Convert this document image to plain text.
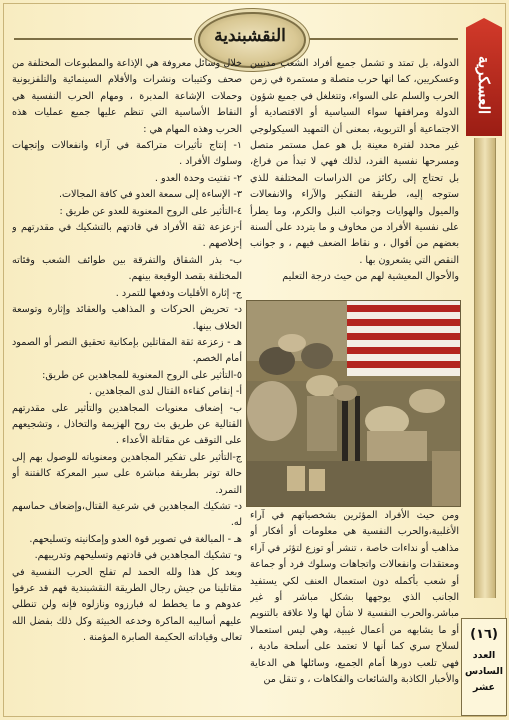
النقشبندية
العسكرية
(١٦)
العدد السادس عشر

الدولة، بل تمتد و تشمل جميع أفراد الشعب مدنيين وعسكريين، كما انها حرب متصلة و مستمرة في زمن الحرب والسلم على السواء، وتتغلغل في جميع شؤون الدولة ومرافقها سواء السياسية أو الاقتصادية أو الاجتماعية أو التربوية، بمعنى أن التمهيد السيكولوجي غير محدد لفترة معينة بل هو عمل مستمر متصل ومسرحها نفسية الفرد، لذلك فهي لا تبدأ من فراغ، بل تحتاج إلى ركائز من الدراسات المختلفة للذي ستوجه إليه، طريقة التفكير والآراء والانفعالات والميول والهوايات وجوانب النبل والكرم، وما يطرأ على نفسية الأفراد من مخاوف و ما يتردد على ألسنة بعضهم من أقوال ، و نقاط الضعف فيهم ، و جوانب النقص التي يشعرون بها .

والأحوال المعيشية لهم من حيث درجة التعليم

ومن حيث الأفراد المؤثرين بشخصياتهم في آراء الأغلبية،والحرب النفسية هي معلومات أو أفكار أو مذاهب أو نداءات خاصة ، تنشر أو توزع لتؤثر في آراء ومعتقدات وانفعالات واتجاهات وسلوك فرد أو جماعة أو شعب بأكمله دون استعمال العنف لكي يستفيد الجانب الذي يوجهها بشكل مباشر أو غير مباشر.والحرب النفسية لا شأن لها ولا علاقة بالتنويم أو ما يشابهه من أعمال غيبية، وهي ليس استعمالا لسلاح سري كما أنها لا تعتمد على أسلحة مادية ، فهي تلعب دورها أمام الجميع، وسائلها هي الدعاية والأخبار الكاذبة والشائعات والفكاهات ، و تنقل من

خلال وسائل معروفة هي الإذاعة والمطبوعات المختلفة من صحف وكتيبات ونشرات والأفلام السينمائية والتلفزيونية وحملات الإشاعة المدبرة ، ومهام الحرب النفسية هي النقاط الأساسية التي تنظم عليها جميع عمليات هذه الحرب وهذه المهام هي :

١- إنتاج تأثيرات متراكمة في آراء وانفعالات وإتجهات وسلوك الأفراد .

٢- تفتيت وحدة العدو .

٣- الإساءة إلى سمعة العدو في كافة المجالات.

٤-التأثير على الروح المعنوية للعدو عن طريق :

أ-زعزعة ثقة الأفراد في قادتهم بالتشكيك في مقدرتهم و إخلاصهم .

ب- بذر الشقاق والتفرقة بين طوائف الشعب وفئاته المختلفة بقصد الوقيعة بينهم.

ج- إثارة الأقليات ودفعها للتمرد .

د- تحريض الحركات و المذاهب والعقائد وإثارة وتوسعة الخلاف بينها.

هـ - زعزعة ثقة المقاتلين بإمكانية تحقيق النصر أو الصمود أمام الخصم.

٥-التأثير على الروح المعنوية للمجاهدين عن طريق:

أ- إنقاص كفاءة القتال لدى المجاهدين .

ب- إضعاف معنويات المجاهدين والتأثير على مقدرتهم القتالية عن طريق بث روح الهزيمة والتخاذل ، وتشجيعهم على التوقف عن مقاتلة الأعداء .

ج-التأثير على تفكير المجاهدين ومعنوياته للوصول بهم إلى حالة توتر بطريقة مباشرة على سير المعركة كالفتنة أو التمرد.

د- تشكيك المجاهدين في شرعية القتال،وإضعاف حماسهم له.

هـ - المبالغة في تصوير قوة العدو وإمكانيته وتسليحهم.

و- تشكيك المجاهدين في قادتهم وتسليحهم وتدريبهم.

وبعد كل هذا ولله الحمد لم تفلح الحرب النفسية في مقاتلينا من جيش رجال الطريقة النقشبندية فهم قد عرفوا عدوهم و ما يخطط له فبارزوه ونازلوه فإنه ولن تنطلي عليهم أساليبه الماكرة وخدعه الخبيثة وكل ذلك بفضل الله تعالى وقياداته الحكيمة الصابرة المؤمنة .
